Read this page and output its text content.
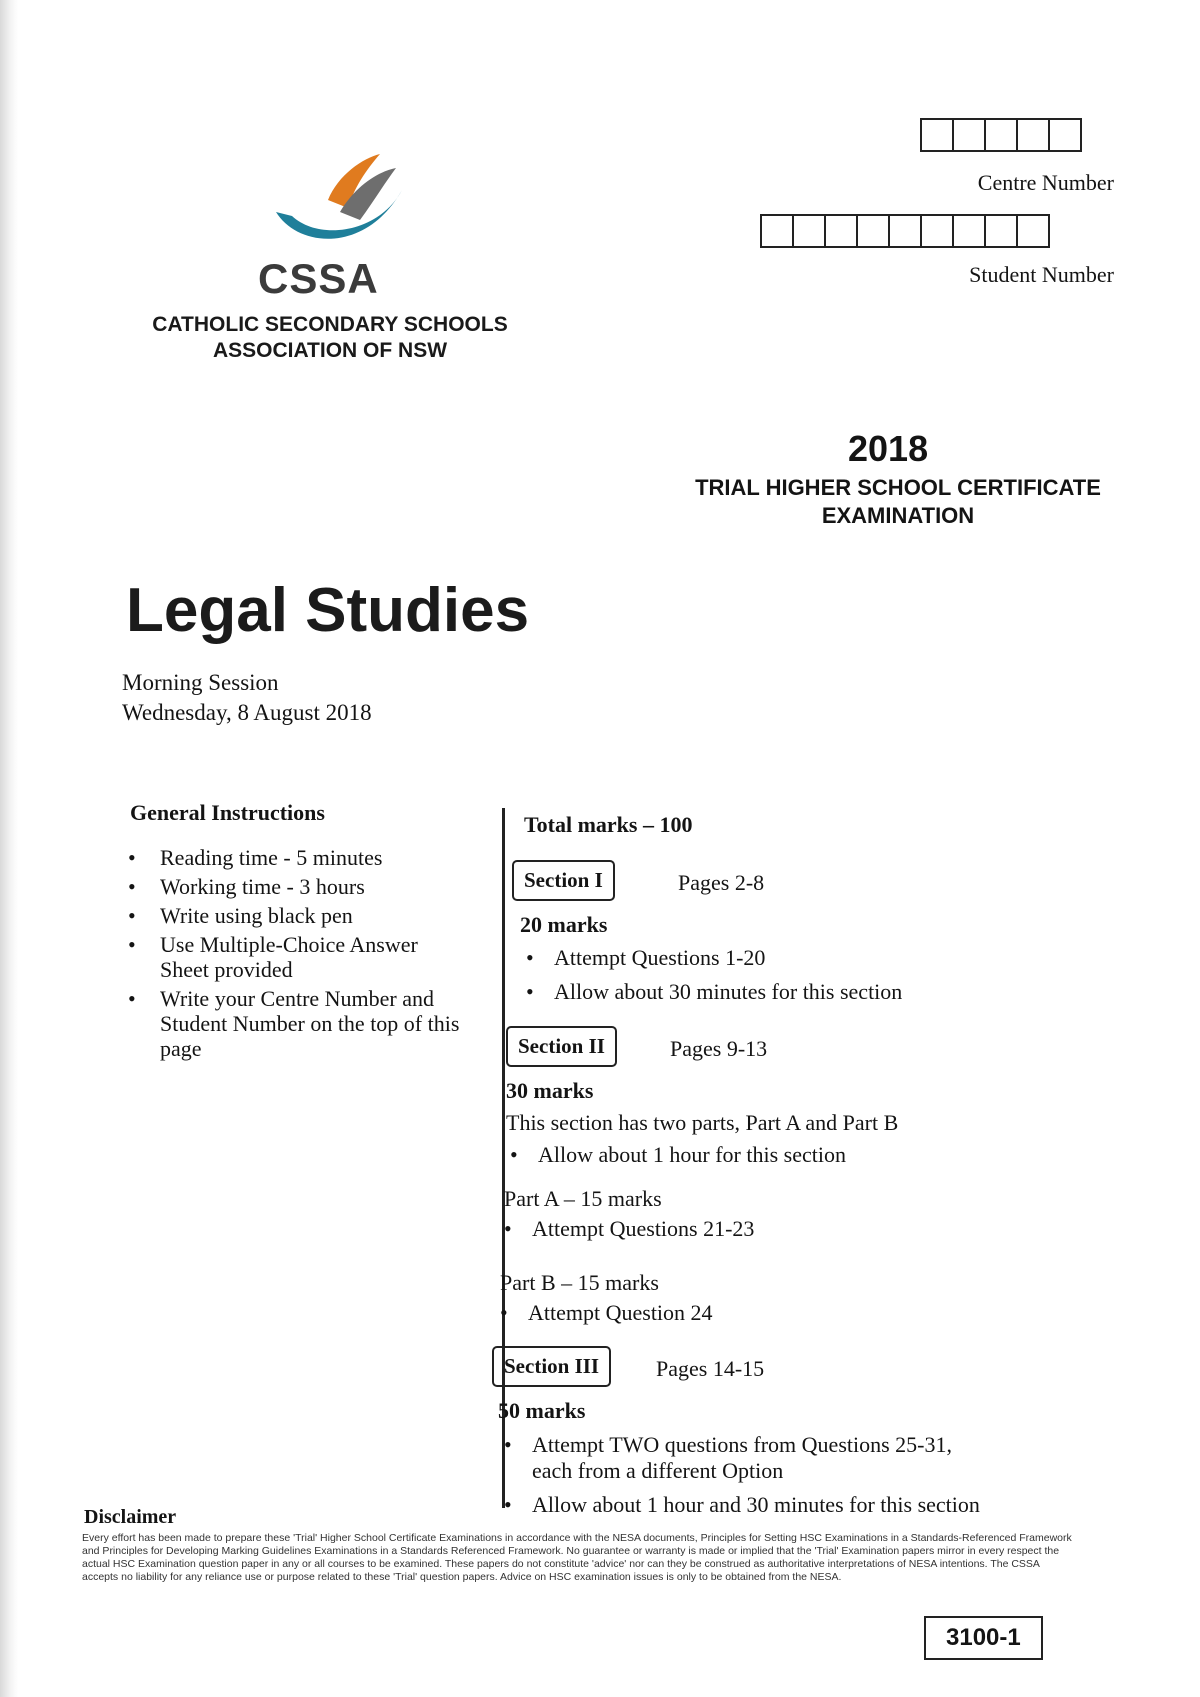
Centre Number
Student Number
CSSA
CATHOLIC SECONDARY SCHOOLS
ASSOCIATION OF NSW
2018
TRIAL HIGHER SCHOOL CERTIFICATE
EXAMINATION
Legal Studies
Morning Session
Wednesday, 8 August 2018
General Instructions
• Reading time - 5 minutes
• Working time - 3 hours
• Write using black pen
• Use Multiple-Choice Answer Sheet provided
• Write your Centre Number and Student Number on the top of this page
Total marks – 100
Section I	Pages 2-8
20 marks
• Attempt Questions 1-20
• Allow about 30 minutes for this section
Section II	Pages 9-13
30 marks
This section has two parts, Part A and Part B
• Allow about 1 hour for this section
Part A – 15 marks
• Attempt Questions 21-23
Part B – 15 marks
• Attempt Question 24
Section III	Pages 14-15
50 marks
• Attempt TWO questions from Questions 25-31, each from a different Option
• Allow about 1 hour and 30 minutes for this section
Disclaimer
Every effort has been made to prepare these 'Trial' Higher School Certificate Examinations in accordance with the NESA documents, Principles for Setting HSC Examinations in a Standards-Referenced Framework and Principles for Developing Marking Guidelines Examinations in a Standards Referenced Framework. No guarantee or warranty is made or implied that the 'Trial' Examination papers mirror in every respect the actual HSC Examination question paper in any or all courses to be examined. These papers do not constitute 'advice' nor can they be construed as authoritative interpretations of NESA intentions. The CSSA accepts no liability for any reliance use or purpose related to these 'Trial' question papers. Advice on HSC examination issues is only to be obtained from the NESA.
3100-1
